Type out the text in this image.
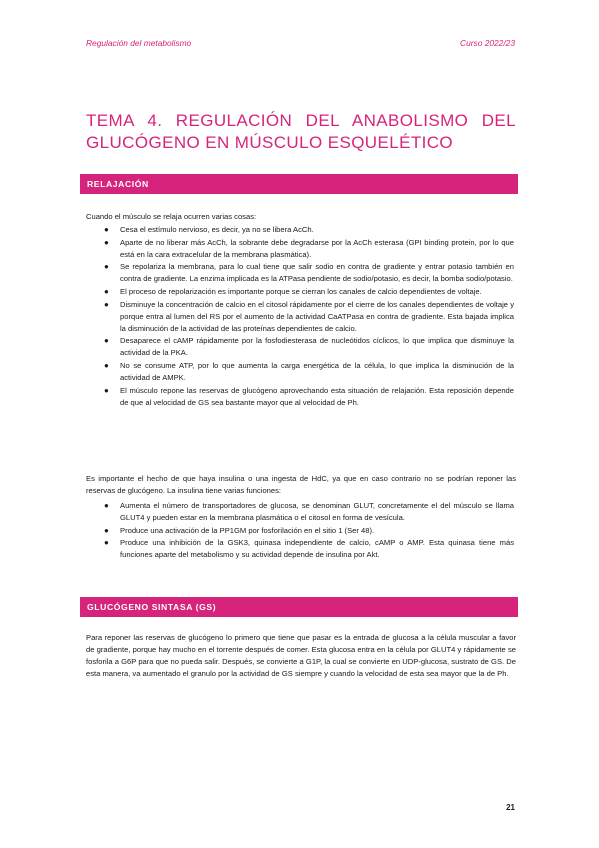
Regulación del metabolismo	Curso 2022/23
TEMA 4. REGULACIÓN DEL ANABOLISMO DEL
GLUCÓGENO EN MÚSCULO ESQUELÉTICO
RELAJACIÓN

Cuando el músculo se relaja ocurren varias cosas:

● Cesa el estímulo nervioso, es decir, ya no se libera AcCh.
● Aparte de no liberar más AcCh, la sobrante debe degradarse por la AcCh esterasa (GPI binding protein, por lo que está en la cara extracelular de la membrana plasmática).
● Se repolariza la membrana, para lo cual tiene que salir sodio en contra de gradiente y entrar potasio también en contra de gradiente. La enzima implicada es la ATPasa pendiente de sodio/potasio, es decir, la bomba sodio/potasio.
● El proceso de repolarización es importante porque se cierran los canales de calcio dependientes de voltaje.
● Disminuye la concentración de calcio en el citosol rápidamente por el cierre de los canales dependientes de voltaje y porque entra al lumen del RS por el aumento de la actividad CaATPasa en contra de gradiente. Esta bajada implica la disminución de la actividad de las proteínas dependientes de calcio.
● Desaparece el cAMP rápidamente por la fosfodiesterasa de nucleótidos cíclicos, lo que implica que disminuye la actividad de la PKA.
● No se consume ATP, por lo que aumenta la carga energética de la célula, lo que implica la disminución de la actividad de AMPK.
● El músculo repone las reservas de glucógeno aprovechando esta situación de relajación. Esta reposición depende de que al velocidad de GS sea bastante mayor que al velocidad de Ph.

Es importante el hecho de que haya insulina o una ingesta de HdC, ya que en caso contrario no se podrían reponer las reservas de glucógeno. La insulina tiene varias funciones:

● Aumenta el número de transportadores de glucosa, se denominan GLUT, concretamente el del músculo se llama GLUT4 y pueden estar en la membrana plasmática o el citosol en forma de vesícula.
● Produce una activación de la PP1GM por fosforilación en el sitio 1 (Ser 48).
● Produce una inhibición de la GSK3, quinasa independiente de calcio, cAMP o AMP. Esta quinasa tiene más funciones aparte del metabolismo y su actividad depende de insulina por Akt.
GLUCÓGENO SINTASA (GS)

Para reponer las reservas de glucógeno lo primero que tiene que pasar es la entrada de glucosa a la célula muscular a favor de gradiente, porque hay mucho en el torrente después de comer. Esta glucosa entra en la célula por GLUT4 y rápidamente se fosforila a G6P para que no pueda salir. Después, se convierte a G1P, la cual se convierte en UDP-glucosa, sustrato de GS. De esta manera, va aumentado el granulo por la actividad de GS siempre y cuando la velocidad de esta sea mayor que la de Ph.

21
